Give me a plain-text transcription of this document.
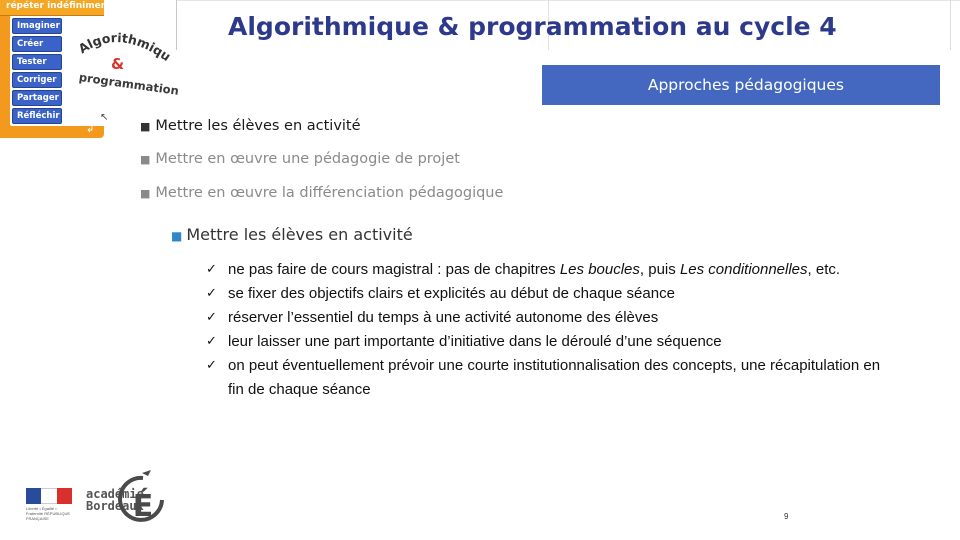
répéter indéfiniment
Imaginer
Créer
Tester
Corriger
Partager
Réfléchir
↲
Algorithmiqu
&
programmation
↖
Algorithmique & programmation au cycle 4
Approches pédagogiques
■ Mettre les élèves en activité
■ Mettre en œuvre une pédagogie de projet
■ Mettre en œuvre la différenciation pédagogique
■ Mettre les élèves en activité
✓ ne pas faire de cours magistral : pas de chapitres Les boucles, puis Les conditionnelles, etc.
✓ se fixer des objectifs clairs et explicités au début de chaque séance
✓ réserver l’essentiel du temps à une activité autonome des élèves
✓ leur laisser une part importante d’initiative dans le déroulé d’une séquence
✓ on peut éventuellement prévoir une courte institutionnalisation des concepts, une récapitulation en fin de chaque séance
Liberté • Égalité • Fraternité RÉPUBLIQUE FRANÇAISE
académie
Bordeaux
É	9
